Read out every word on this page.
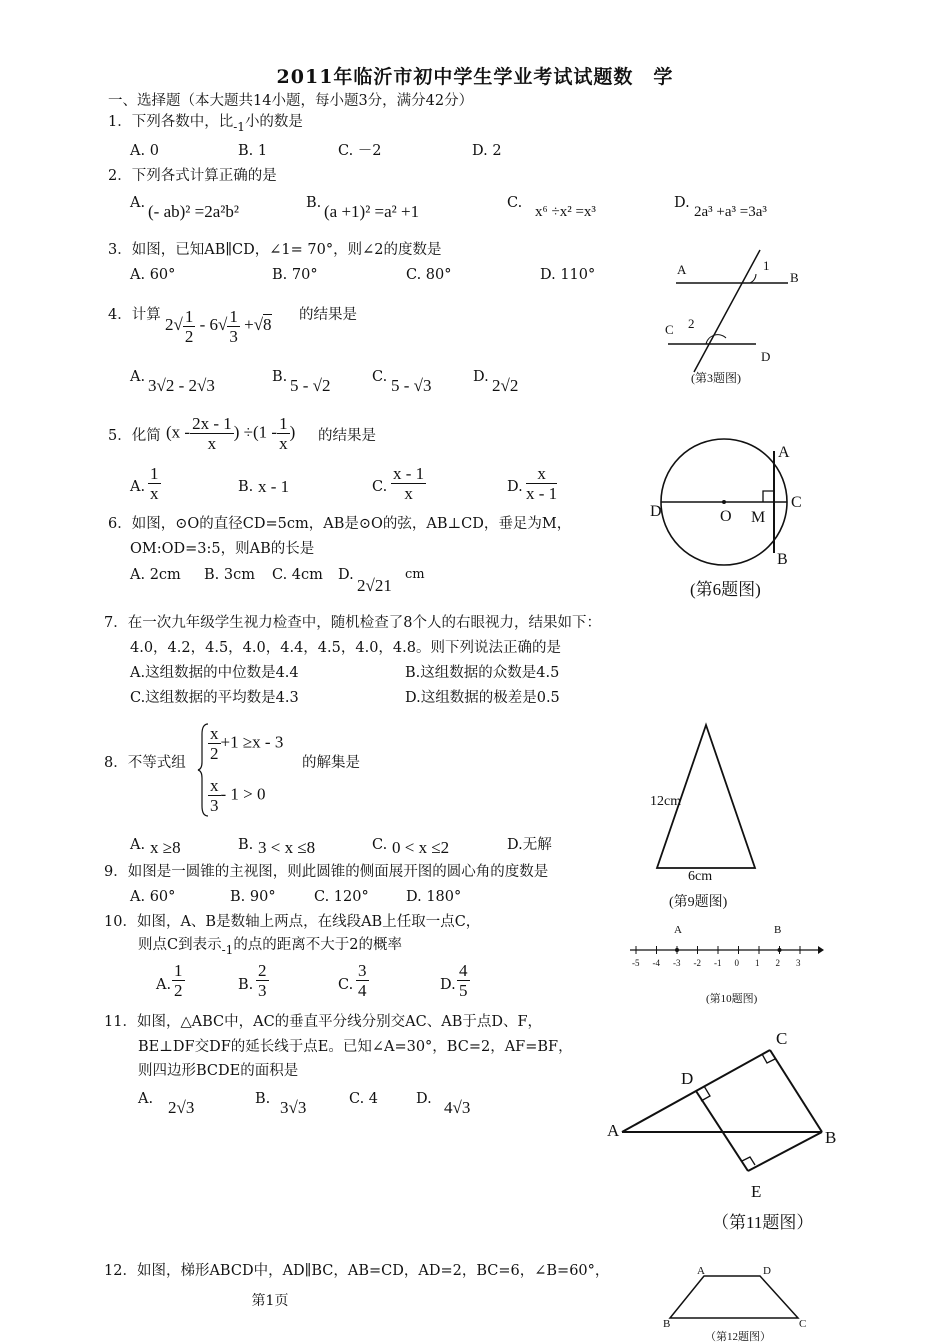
2011年临沂市初中学生学业考试试题数　学
一、选择题（本大题共14小题，每小题3分，满分42分）
1．下列各数中，比$_{-1}$小的数是
A. 0	B. 1	C. －2	D. 2
2．下列各式计算正确的是
A. (- ab)² =2a²b²	B. (a +1)² =a² +1	C.
x⁶ ÷x² =x³
D.
2a³ +a³ =3a³
3．如图，已知AB∥CD，∠1= 70°，则∠2的度数是
A. 60°	B. 70°	C. 80°	D. 110°	A
B
1
C 2
D
(第3题图)
4．计算 $2√ \frac{1}{2} - 6√ \frac{1}{3} +√8$ 的结果是
A. 3√2 - 2√3	B. 5 - √2	C. 5 - √3	D. 2√2
5．化简 ($x - \frac{2x - 1}{x}$ ) $\div(1 - \frac{1}{x}$ ) 的结果是
A. $\frac{1}{x}$	B. x - 1	C. $\frac{x - 1}{x}$	D. $\frac{x}{x - 1}$
6．如图，⊙O的直径CD=5cm，AB是⊙O的弦，AB⊥CD，垂足为M，
OM:OD=3:5，则AB的长是
A. 2cm B. 3cm C. 4cm D.
2√21
cm
A
C
D	O M
B
(第6题图)
7．在一次九年级学生视力检查中，随机检查了8个人的右眼视力，结果如下：
4.0，4.2，4.5，4.0，4.4，4.5，4.0，4.8。则下列说法正确的是
A.这组数据的中位数是4.4	B.这组数据的众数是4.5
C.这组数据的平均数是4.3	D.这组数据的极差是0.5
8．不等式组 $\frac{x}{2} +1 \ge x - 3$
$\frac{x}{3} - 1 > 0$
的解集是
A. x ≥8	B. 3 < x ≤8	C. 0 < x ≤2	D.无解
12cm
6cm
(第9题图)
9．如图是一圆锥的主视图，则此圆锥的侧面展开图的圆心角的度数是
A. 60°	B. 90°	C. 120°	D. 180°
10．如图，A、B是数轴上两点，在线段AB上任取一点C，
则点C到表示$_{-1}$的点的距离不大于2的概率
A. $\frac{1}{2}$	B. $\frac{2}{3}$	C. $\frac{3}{4}$	D. $\frac{4}{5}$	-5 -4 -3 -2 -1 0 1 2 3
A	B
(第10题图)
11．如图，△ABC中，AC的垂直平分线分别交AC、AB于点D、F，
BE⊥DF交DF的延长线于点E。已知∠A=30°，BC=2，AF=BF，
则四边形BCDE的面积是
A. 2√3	B. 3√3	C. 4	D. 4√3
C
D
A	B
E
（第11题图）
12．如图，梯形ABCD中，AD∥BC，AB=CD，AD=2，BC=6，∠B=60°，	A	D
B	C
（第12题图）
第1页
